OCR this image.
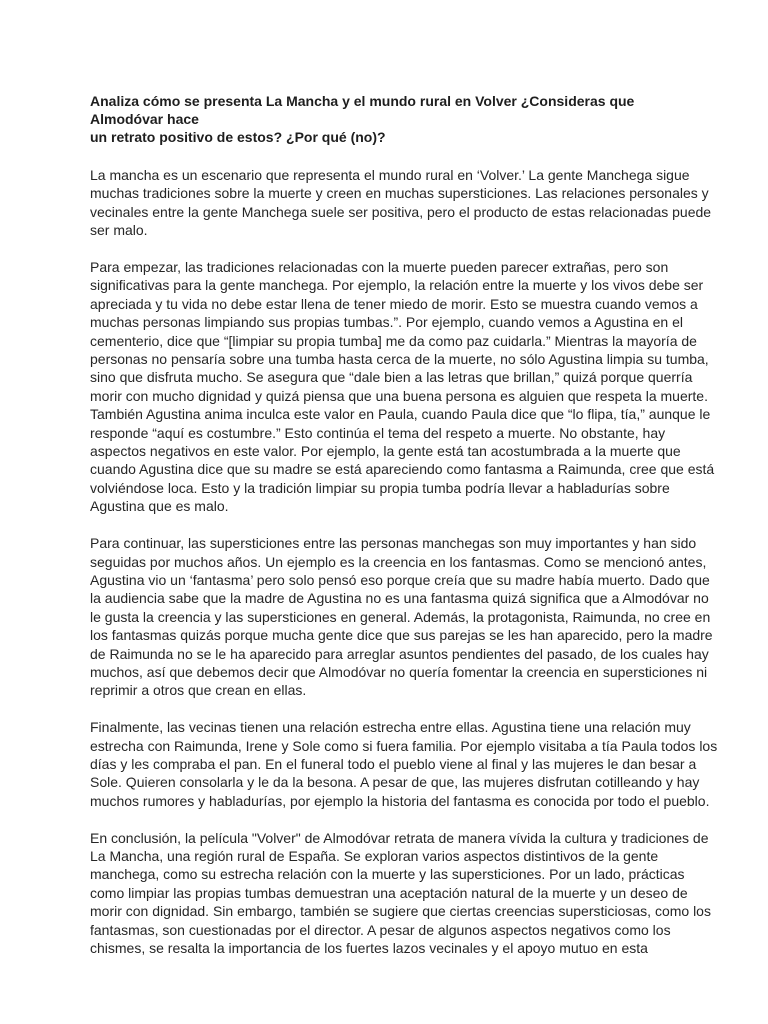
Analiza cómo se presenta La Mancha y el mundo rural en Volver ¿Consideras que Almodóvar hace
un retrato positivo de estos? ¿Por qué (no)?

La mancha es un escenario que representa el mundo rural en ‘Volver.’ La gente Manchega sigue
muchas tradiciones sobre la muerte y creen en muchas supersticiones. Las relaciones personales y
vecinales entre la gente Manchega suele ser positiva, pero el producto de estas relacionadas puede
ser malo.

Para empezar, las tradiciones relacionadas con la muerte pueden parecer extrañas, pero son
significativas para la gente manchega. Por ejemplo, la relación entre la muerte y los vivos debe ser
apreciada y tu vida no debe estar llena de tener miedo de morir. Esto se muestra cuando vemos a
muchas personas limpiando sus propias tumbas.”. Por ejemplo, cuando vemos a Agustina en el
cementerio, dice que “[limpiar su propia tumba] me da como paz cuidarla.” Mientras la mayoría de
personas no pensaría sobre una tumba hasta cerca de la muerte, no sólo Agustina limpia su tumba,
sino que disfruta mucho. Se asegura que “dale bien a las letras que brillan,” quizá porque querría
morir con mucho dignidad y quizá piensa que una buena persona es alguien que respeta la muerte.
También Agustina anima inculca este valor en Paula, cuando Paula dice que “lo flipa, tía,” aunque le
responde “aquí es costumbre.” Esto continúa el tema del respeto a muerte. No obstante, hay
aspectos negativos en este valor. Por ejemplo, la gente está tan acostumbrada a la muerte que
cuando Agustina dice que su madre se está apareciendo como fantasma a Raimunda, cree que está
volviéndose loca. Esto y la tradición limpiar su propia tumba podría llevar a habladurías sobre
Agustina que es malo.

Para continuar, las supersticiones entre las personas manchegas son muy importantes y han sido
seguidas por muchos años. Un ejemplo es la creencia en los fantasmas. Como se mencionó antes,
Agustina vio un ‘fantasma’ pero solo pensó eso porque creía que su madre había muerto. Dado que
la audiencia sabe que la madre de Agustina no es una fantasma quizá significa que a Almodóvar no
le gusta la creencia y las supersticiones en general. Además, la protagonista, Raimunda, no cree en
los fantasmas quizás porque mucha gente dice que sus parejas se les han aparecido, pero la madre
de Raimunda no se le ha aparecido para arreglar asuntos pendientes del pasado, de los cuales hay
muchos, así que debemos decir que Almodóvar no quería fomentar la creencia en supersticiones ni
reprimir a otros que crean en ellas.

Finalmente, las vecinas tienen una relación estrecha entre ellas. Agustina tiene una relación muy
estrecha con Raimunda, Irene y Sole como si fuera familia. Por ejemplo visitaba a tía Paula todos los
días y les compraba el pan. En el funeral todo el pueblo viene al final y las mujeres le dan besar a
Sole. Quieren consolarla y le da la besona. A pesar de que, las mujeres disfrutan cotilleando y hay
muchos rumores y habladurías, por ejemplo la historia del fantasma es conocida por todo el pueblo.

En conclusión, la película "Volver" de Almodóvar retrata de manera vívida la cultura y tradiciones de
La Mancha, una región rural de España. Se exploran varios aspectos distintivos de la gente
manchega, como su estrecha relación con la muerte y las supersticiones. Por un lado, prácticas
como limpiar las propias tumbas demuestran una aceptación natural de la muerte y un deseo de
morir con dignidad. Sin embargo, también se sugiere que ciertas creencias supersticiosas, como los
fantasmas, son cuestionadas por el director. A pesar de algunos aspectos negativos como los
chismes, se resalta la importancia de los fuertes lazos vecinales y el apoyo mutuo en esta
